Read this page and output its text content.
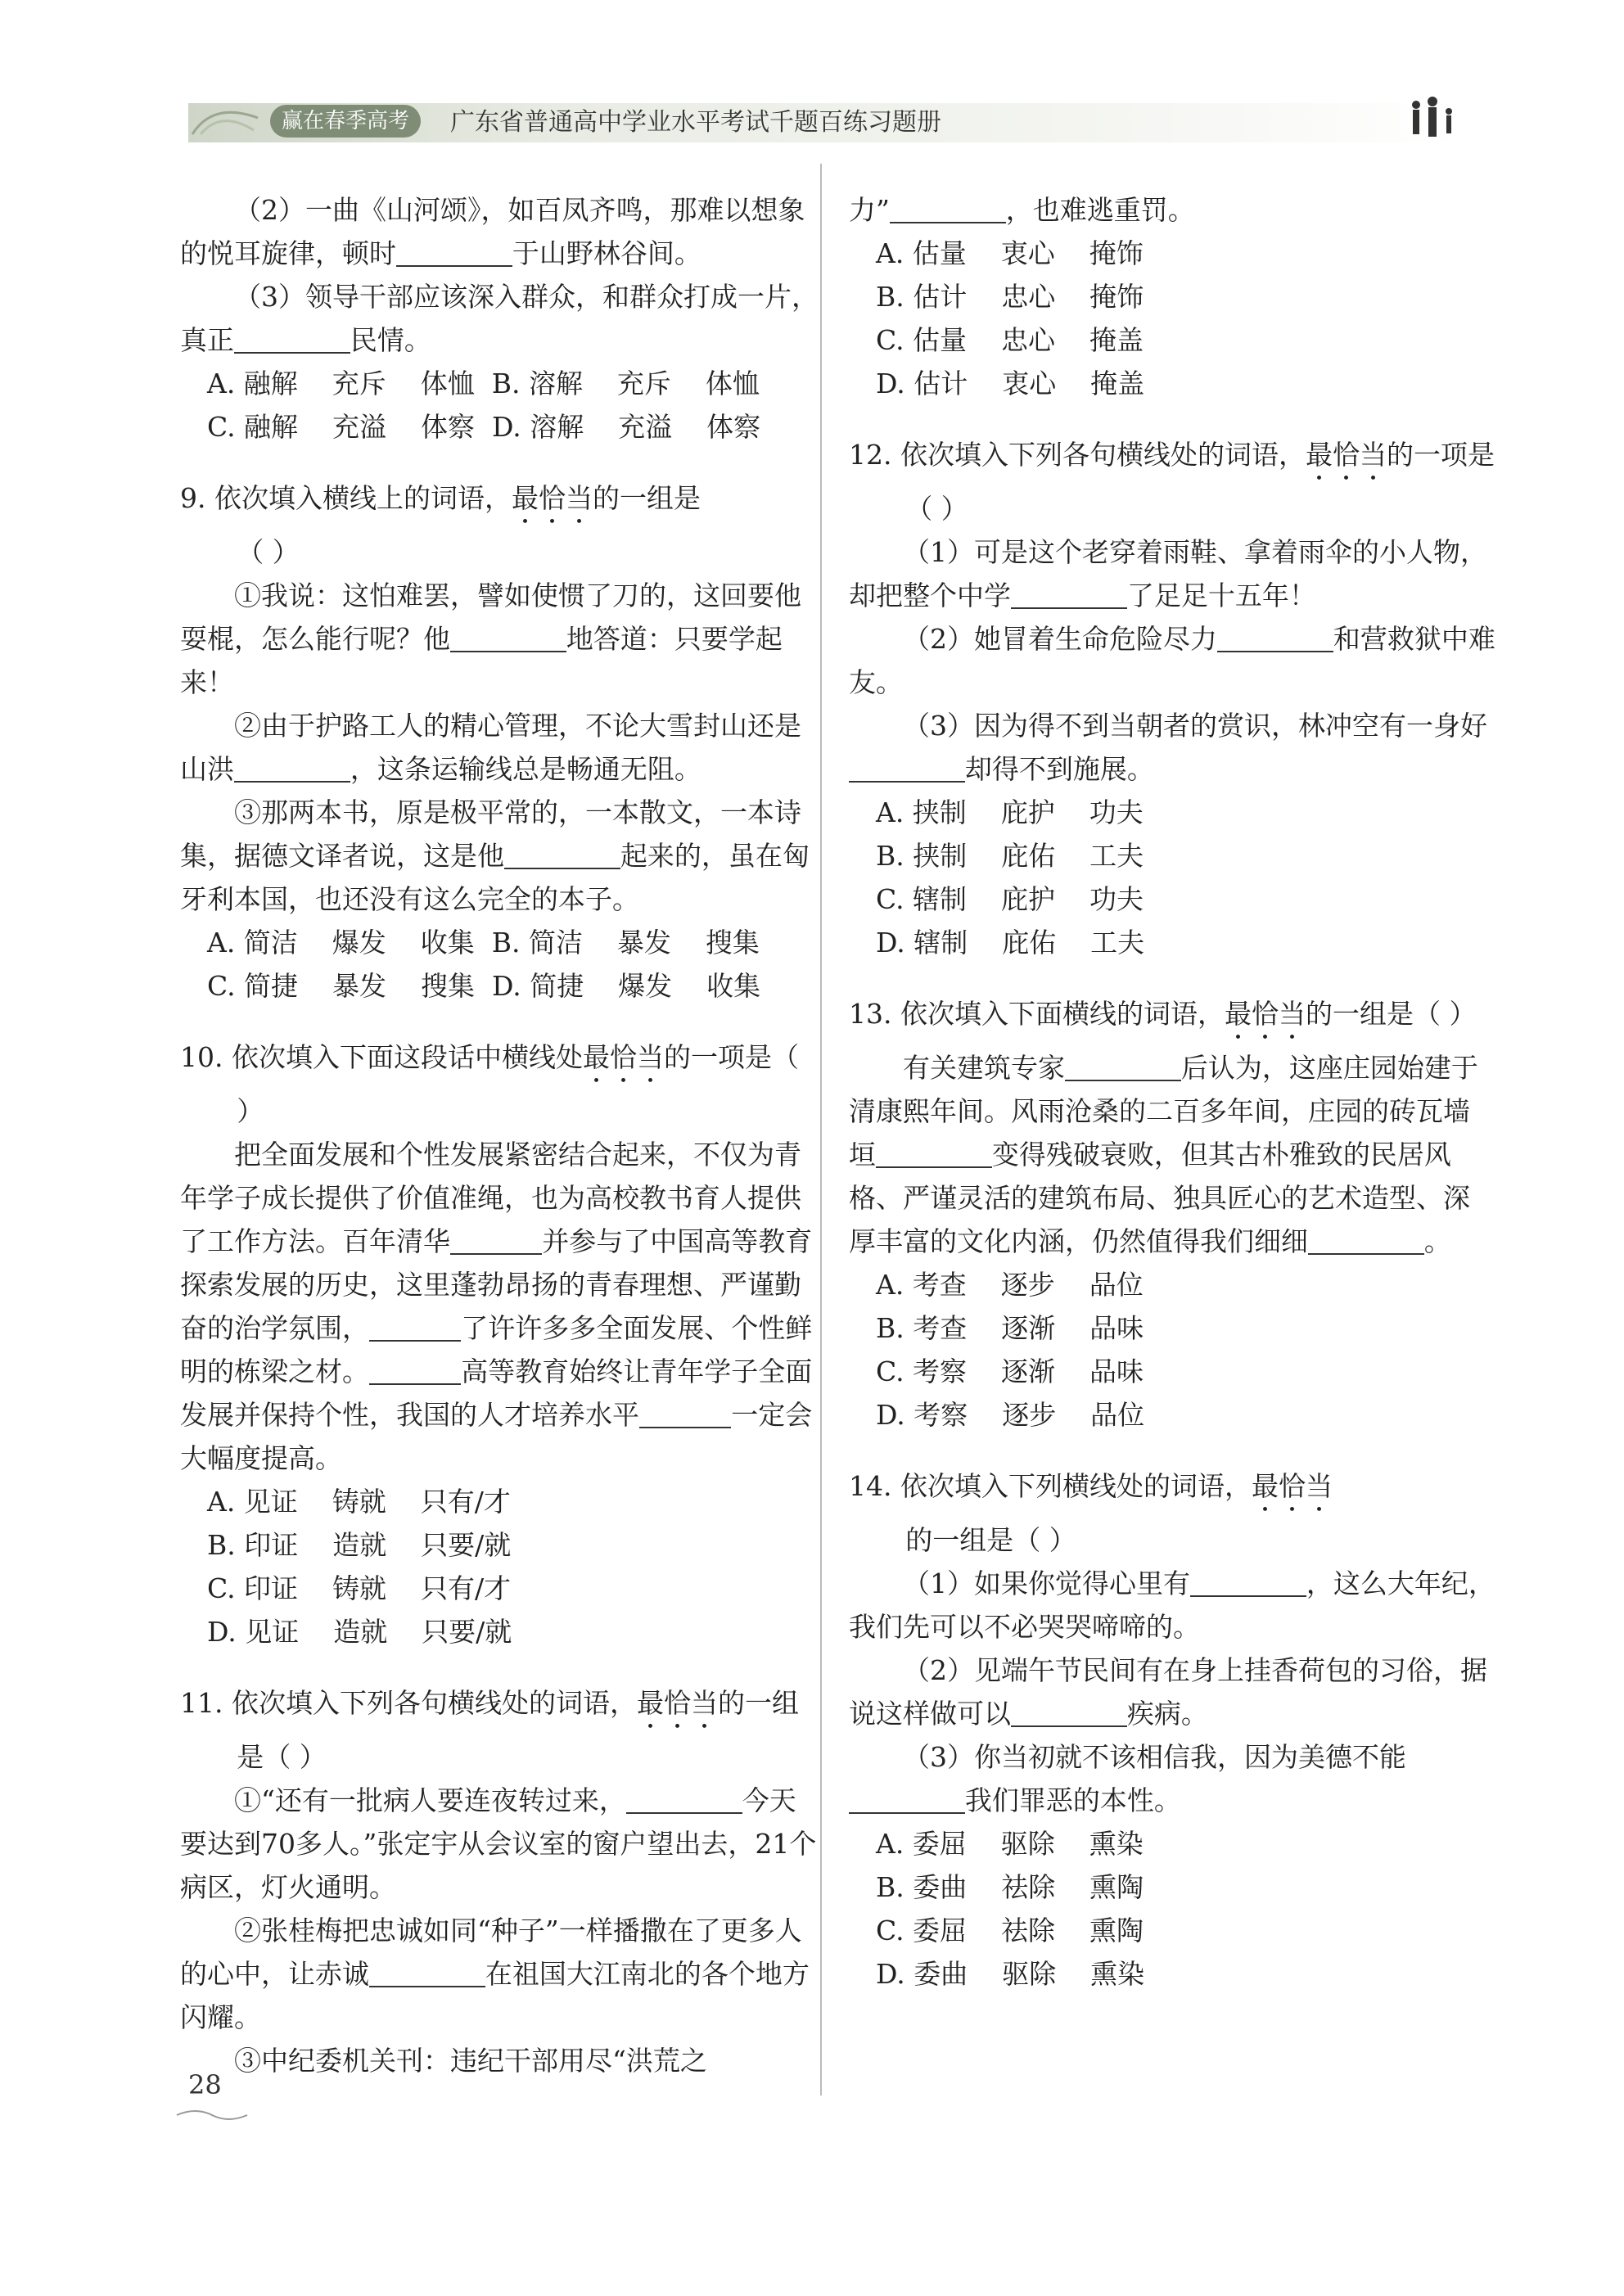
赢在春季高考	广东省普通高中学业水平考试千题百练习题册

（2）一曲《山河颂》，如百凤齐鸣，那难以想象的悦耳旋律，顿时	于山野林谷间。

（3）领导干部应该深入群众，和群众打成一片，真正	民情。

A. 融解    充斥    体恤  B. 溶解    充斥    体恤

C. 融解    充溢    体察  D. 溶解    充溢    体察

9. 依次填入横线上的词语，最恰当的一组是
（ ）

①我说：这怕难罢，譬如使惯了刀的，这回要他耍棍，怎么能行呢？他	地答道：只要学起来！

②由于护路工人的精心管理，不论大雪封山还是山洪	，这条运输线总是畅通无阻。

③那两本书，原是极平常的，一本散文，一本诗集，据德文译者说，这是他	起来的，虽在匈牙利本国，也还没有这么完全的本子。

A. 简洁    爆发    收集  B. 简洁    暴发    搜集

C. 简捷    暴发    搜集  D. 简捷    爆发    收集

10. 依次填入下面这段话中横线处最恰当的一项是（ ）

把全面发展和个性发展紧密结合起来，不仅为青年学子成长提供了价值准绳，也为高校教书育人提供了工作方法。百年清华	并参与了中国高等教育探索发展的历史，这里蓬勃昂扬的青春理想、严谨勤奋的治学氛围，	了许许多多全面发展、个性鲜明的栋梁之材。	高等教育始终让青年学子全面发展并保持个性，我国的人才培养水平	一定会大幅度提高。

A. 见证    铸就    只有/才

B. 印证    造就    只要/就

C. 印证    铸就    只有/才

D. 见证    造就    只要/就

11. 依次填入下列各句横线处的词语，最恰当的一组是（ ）

①“还有一批病人要连夜转过来，	今天要达到70多人。”张定宇从会议室的窗户望出去，21个病区，灯火通明。

②张桂梅把忠诚如同“种子”一样播撒在了更多人的心中，让赤诚	在祖国大江南北的各个地方闪耀。

③中纪委机关刊：违纪干部用尽“洪荒之

力”	，也难逃重罚。

A. 估量    衷心    掩饰

B. 估计    忠心    掩饰

C. 估量    忠心    掩盖

D. 估计    衷心    掩盖

12. 依次填入下列各句横线处的词语，最恰当的一项是（ ）

（1）可是这个老穿着雨鞋、拿着雨伞的小人物，却把整个中学	了足足十五年！

（2）她冒着生命危险尽力	和营救狱中难友。

（3）因为得不到当朝者的赏识，林冲空有一身好却得不到施展。

A. 挟制    庇护    功夫

B. 挟制    庇佑    工夫

C. 辖制    庇护    功夫

D. 辖制    庇佑    工夫

13. 依次填入下面横线的词语，最恰当的一组是（ ）

有关建筑专家	后认为，这座庄园始建于清康熙年间。风雨沧桑的二百多年间，庄园的砖瓦墙垣	变得残破衰败，但其古朴雅致的民居风格、严谨灵活的建筑布局、独具匠心的艺术造型、深厚丰富的文化内涵，仍然值得我们细细	。

A. 考查    逐步    品位

B. 考查    逐渐    品味

C. 考察    逐渐    品味

D. 考察    逐步    品位

14. 依次填入下列横线处的词语，最恰当的一组是（ ）

（1）如果你觉得心里有	，这么大年纪，我们先可以不必哭哭啼啼的。

（2）见端午节民间有在身上挂香荷包的习俗，据说这样做可以	疾病。

（3）你当初就不该相信我，因为美德不能我们罪恶的本性。

A. 委屈    驱除    熏染

B. 委曲    祛除    熏陶

C. 委屈    祛除    熏陶

D. 委曲    驱除    熏染

28
